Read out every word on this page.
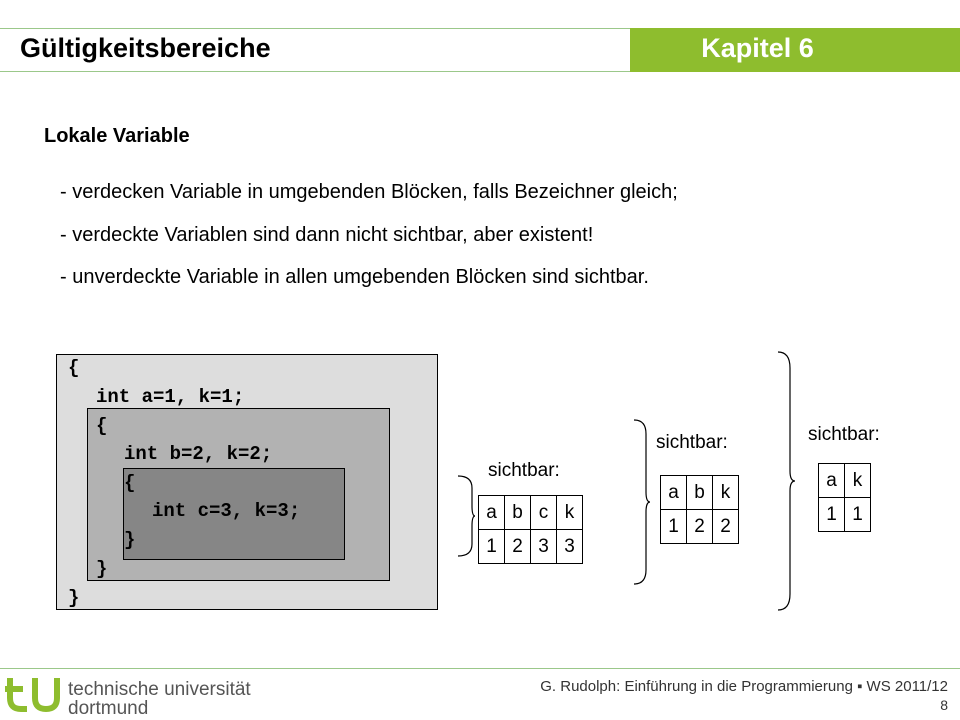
Gültigkeitsbereiche	Kapitel 6
Lokale Variable
- verdecken Variable in umgebenden Blöcken, falls Bezeichner gleich;
- verdeckte Variablen sind dann nicht sichtbar, aber existent!
- unverdeckte Variable in allen umgebenden Blöcken sind sichtbar.
{
int a=1, k=1;
{
int b=2, k=2;
{
int c=3, k=3;
}
}
}
sichtbar:
a	b	c	k
1	2	3	3
sichtbar:
a	b	k
1	2	2
sichtbar:
a	k
1	1
technische universität
dortmund
G. Rudolph: Einführung in die Programmierung ▪ WS 2011/12
8
